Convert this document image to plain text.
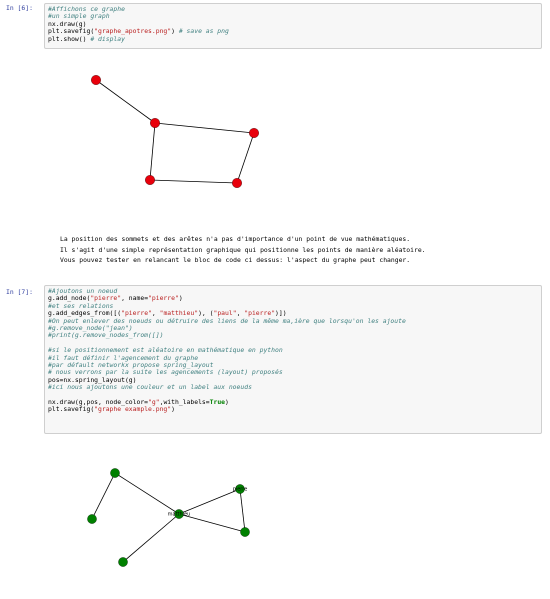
In [6]: #Affichons ce graphe
#un simple graph
nx.draw(g)
plt.savefig("graphe_apotres.png") # save as png
plt.show() # display
La position des sommets et des arêtes n'a pas d'importance d'un point de vue mathématiques.
Il s'agit d'une simple représentation graphique qui positionne les points de manière aléatoire.
Vous pouvez tester en relancant le bloc de code ci dessus: l'aspect du graphe peut changer.
In [7]: #Ajoutons un noeud
g.add_node("pierre", name="pierre")
#et ses relations
g.add_edges_from([("pierre", "matthieu"), ("paul", "pierre")])
#On peut enlever des noeuds ou détruire des liens de la même ma,ière que lorsqu'on les ajoute
#g.remove_node("jean")
#print(g.remove_nodes_from([])
#si le positionnement est aléatoire en mathématique en python
#il faut définir l'agencement du graphe
#par défault networkx propose spring_layout
# nous verrons par la suite les agencements (layout) proposés
pos=nx.spring_layout(g)
#ici nous ajoutons une couleur et un label aux noeuds
nx.draw(g,pos, node_color="g",with_labels=True)
plt.savefig("graphe example.png")
matthieu
pierre
